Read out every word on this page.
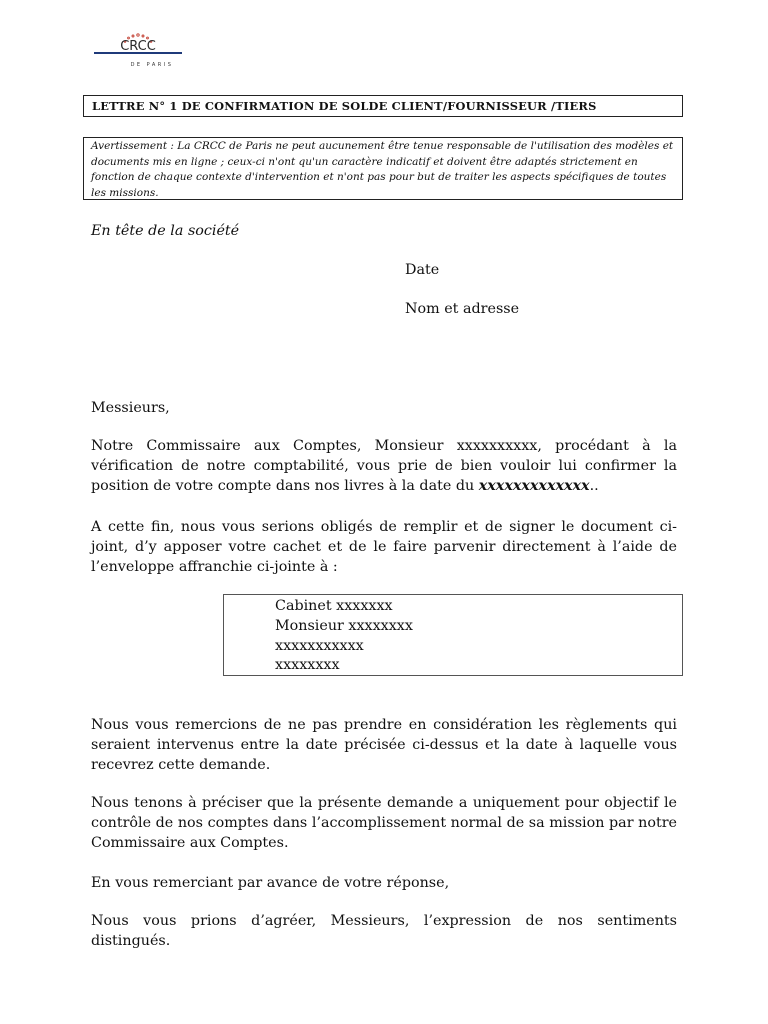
CRCC
DE PARIS
LETTRE N° 1 DE CONFIRMATION DE SOLDE CLIENT/FOURNISSEUR /TIERS
Avertissement : La CRCC de Paris ne peut aucunement être tenue responsable de l'utilisation des modèles et documents mis en ligne ; ceux-ci n'ont qu'un caractère indicatif et doivent être adaptés strictement en fonction de chaque contexte d'intervention et n'ont pas pour but de traiter les aspects spécifiques de toutes les missions.
En tête de la société
Date
Nom et adresse
Messieurs,
Notre Commissaire aux Comptes, Monsieur xxxxxxxxxx, procédant à la vérification de notre comptabilité, vous prie de bien vouloir lui confirmer la position de votre compte dans nos livres à la date du xxxxxxxxxxxxx..
A cette fin, nous vous serions obligés de remplir et de signer le document ci-joint, d’y apposer votre cachet et de le faire parvenir directement à l’aide de l’enveloppe affranchie ci-jointe à :
Cabinet xxxxxxx
Monsieur xxxxxxxx
xxxxxxxxxxx
xxxxxxxx
Nous vous remercions de ne pas prendre en considération les règlements qui seraient intervenus entre la date précisée ci-dessus et la date à laquelle vous recevrez cette demande.
Nous tenons à préciser que la présente demande a uniquement pour objectif le contrôle de nos comptes dans l’accomplissement normal de sa mission par notre Commissaire aux Comptes.
En vous remerciant par avance de votre réponse,
Nous vous prions d’agréer, Messieurs, l’expression de nos sentiments distingués.
